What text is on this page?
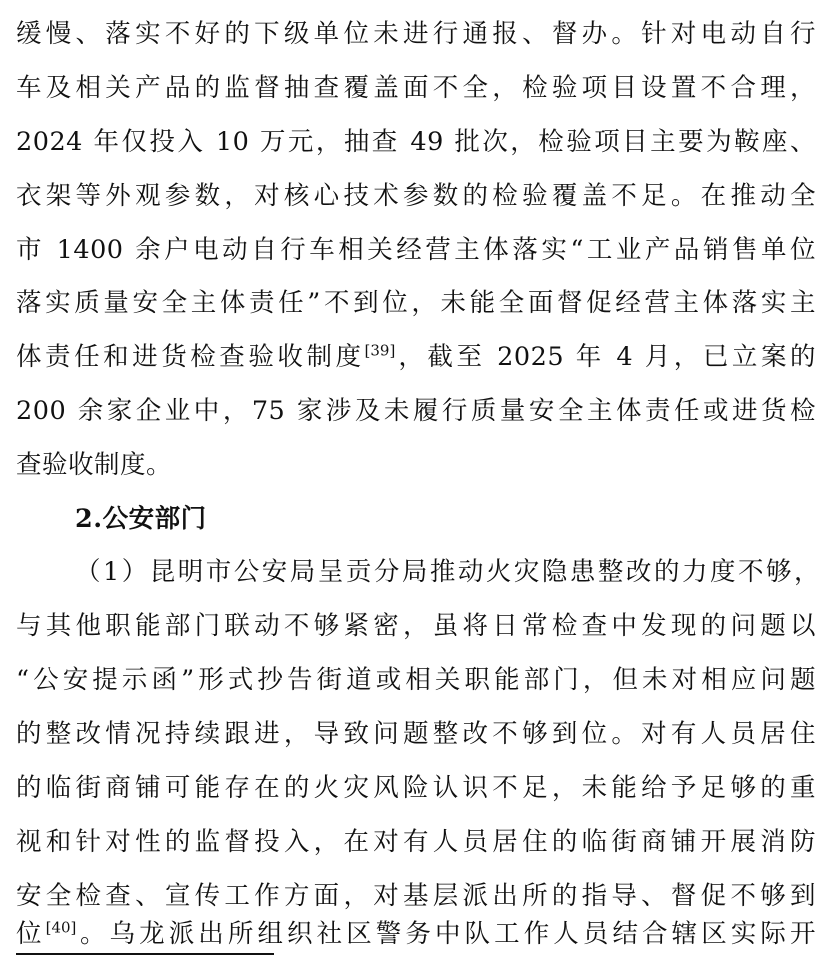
缓慢、落实不好的下级单位未进行通报、督办。针对电动自行
车及相关产品的监督抽查覆盖面不全，检验项目设置不合理，
2024 年仅投入 10 万元，抽查 49 批次，检验项目主要为鞍座、
衣架等外观参数，对核心技术参数的检验覆盖不足。在推动全
市 1400 余户电动自行车相关经营主体落实“工业产品销售单位
落实质量安全主体责任”不到位，未能全面督促经营主体落实主
体责任和进货检查验收制度[39]，截至 2025 年 4 月，已立案的
200 余家企业中，75 家涉及未履行质量安全主体责任或进货检
查验收制度。
2.公安部门
（1）昆明市公安局呈贡分局推动火灾隐患整改的力度不够，
与其他职能部门联动不够紧密，虽将日常检查中发现的问题以
“公安提示函”形式抄告街道或相关职能部门，但未对相应问题
的整改情况持续跟进，导致问题整改不够到位。对有人员居住
的临街商铺可能存在的火灾风险认识不足，未能给予足够的重
视和针对性的监督投入，在对有人员居住的临街商铺开展消防
安全检查、宣传工作方面，对基层派出所的指导、督促不够到
位[40]。乌龙派出所组织社区警务中队工作人员结合辖区实际开
